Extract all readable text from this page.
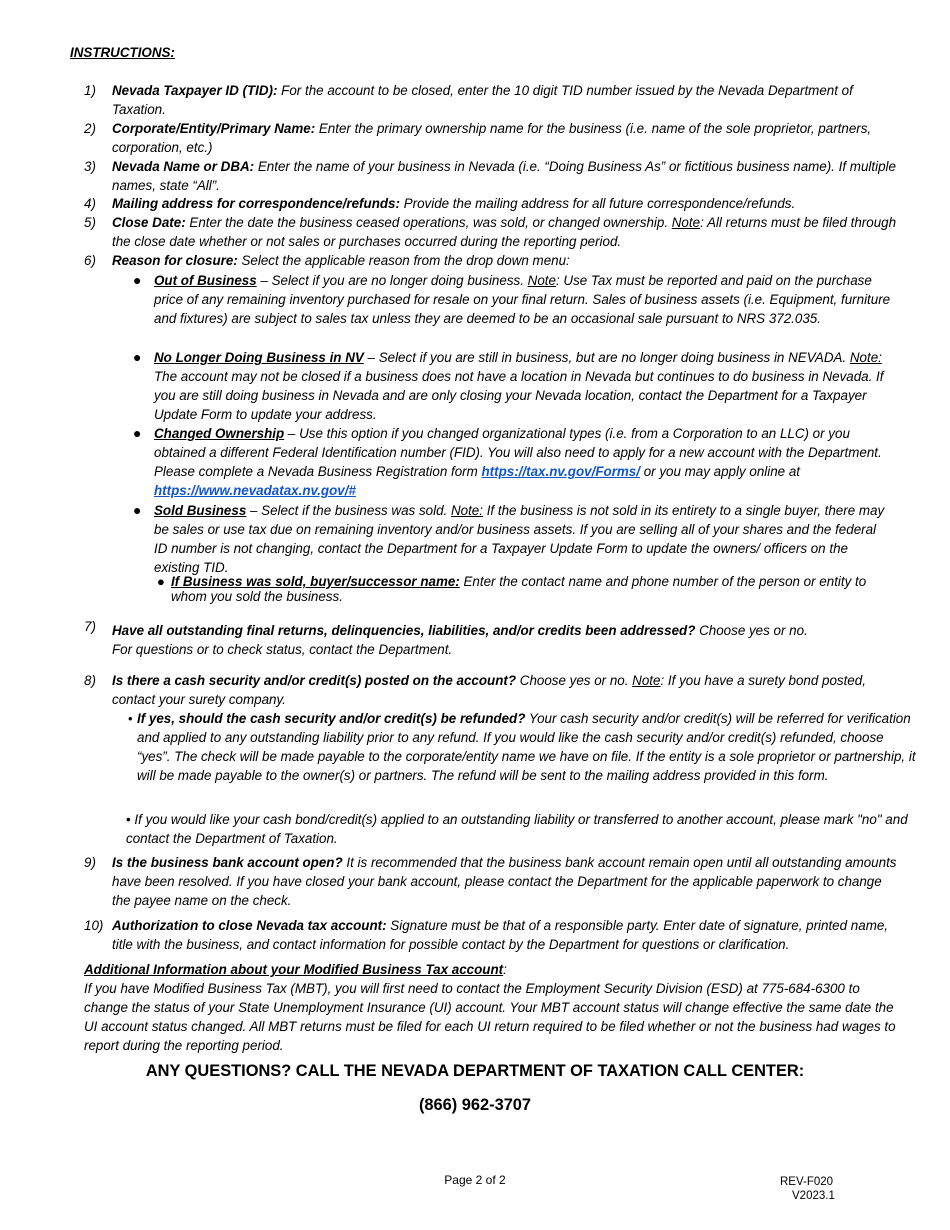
INSTRUCTIONS:
1)	Nevada Taxpayer ID (TID): For the account to be closed, enter the 10 digit TID number issued by the Nevada Department of Taxation.
2)	Corporate/Entity/Primary Name: Enter the primary ownership name for the business (i.e. name of the sole proprietor, partners, corporation, etc.)
3)	Nevada Name or DBA: Enter the name of your business in Nevada (i.e. “Doing Business As” or fictitious business name). If multiple names, state “All”.
4)	Mailing address for correspondence/refunds: Provide the mailing address for all future correspondence/refunds.
5)	Close Date: Enter the date the business ceased operations, was sold, or changed ownership. Note: All returns must be filed through the close date whether or not sales or purchases occurred during the reporting period.
6)	Reason for closure: Select the applicable reason from the drop down menu:
● Out of Business – Select if you are no longer doing business. Note: Use Tax must be reported and paid on the purchase price of any remaining inventory purchased for resale on your final return. Sales of business assets (i.e. Equipment, furniture and fixtures) are subject to sales tax unless they are deemed to be an occasional sale pursuant to NRS 372.035.
● No Longer Doing Business in NV – Select if you are still in business, but are no longer doing business in NEVADA. Note: The account may not be closed if a business does not have a location in Nevada but continues to do business in Nevada. If you are still doing business in Nevada and are only closing your Nevada location, contact the Department for a Taxpayer Update Form to update your address.
● Changed Ownership – Use this option if you changed organizational types (i.e. from a Corporation to an LLC) or you obtained a different Federal Identification number (FID). You will also need to apply for a new account with the Department. Please complete a Nevada Business Registration form https://tax.nv.gov/Forms/ or you may apply online at https://www.nevadatax.nv.gov/#
● Sold Business – Select if the business was sold. Note: If the business is not sold in its entirety to a single buyer, there may be sales or use tax due on remaining inventory and/or business assets. If you are selling all of your shares and the federal ID number is not changing, contact the Department for a Taxpayer Update Form to update the owners/ officers on the existing TID.
● If Business was sold, buyer/successor name: Enter the contact name and phone number of the person or entity to whom you sold the business.
7)	Have all outstanding final returns, delinquencies, liabilities, and/or credits been addressed? Choose yes or no.
For questions or to check status, contact the Department.
8)	Is there a cash security and/or credit(s) posted on the account? Choose yes or no. Note: If you have a surety bond posted, contact your surety company.
• If yes, should the cash security and/or credit(s) be refunded? Your cash security and/or credit(s) will be referred for verification and applied to any outstanding liability prior to any refund. If you would like the cash security and/or credit(s) refunded, choose “yes”. The check will be made payable to the corporate/entity name we have on file. If the entity is a sole proprietor or partnership, it will be made payable to the owner(s) or partners. The refund will be sent to the mailing address provided in this form.
• If you would like your cash bond/credit(s) applied to an outstanding liability or transferred to another account, please mark "no" and contact the Department of Taxation.
9)	Is the business bank account open? It is recommended that the business bank account remain open until all outstanding amounts have been resolved. If you have closed your bank account, please contact the Department for the applicable paperwork to change the payee name on the check.
10) Authorization to close Nevada tax account: Signature must be that of a responsible party. Enter date of signature, printed name, title with the business, and contact information for possible contact by the Department for questions or clarification.
Additional Information about your Modified Business Tax account:
If you have Modified Business Tax (MBT), you will first need to contact the Employment Security Division (ESD) at 775-684-6300 to change the status of your State Unemployment Insurance (UI) account. Your MBT account status will change effective the same date the UI account status changed. All MBT returns must be filed for each UI return required to be filed whether or not the business had wages to report during the reporting period.
ANY QUESTIONS? CALL THE NEVADA DEPARTMENT OF TAXATION CALL CENTER:
(866) 962-3707
Page 2 of 2	REV-F020
V2023.1
